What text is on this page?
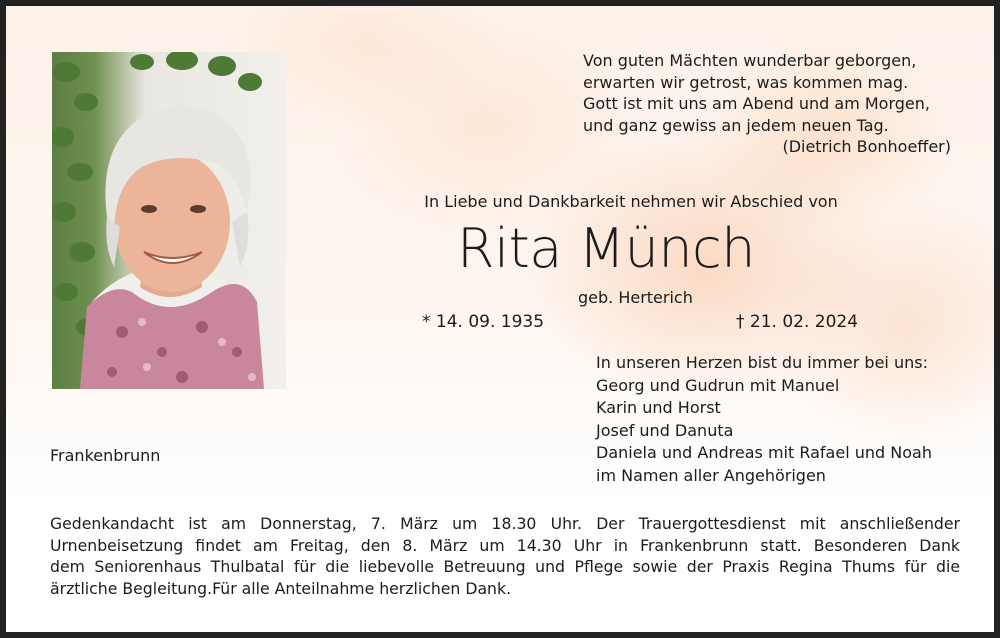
Von guten Mächten wunderbar geborgen,
erwarten wir getrost, was kommen mag.
Gott ist mit uns am Abend und am Morgen,
und ganz gewiss an jedem neuen Tag.
(Dietrich Bonhoeffer)
In Liebe und Dankbarkeit nehmen wir Abschied von
Rita Münch
geb. Herterich
* 14. 09. 1935	† 21. 02. 2024
In unseren Herzen bist du immer bei uns:
Georg und Gudrun mit Manuel
Karin und Horst
Josef und Danuta
Daniela und Andreas mit Rafael und Noah
im Namen aller Angehörigen
Frankenbrunn
Gedenkandacht ist am Donnerstag, 7. März um 18.30 Uhr. Der Trauergottesdienst mit anschließender
Urnenbeisetzung findet am Freitag, den 8. März um 14.30 Uhr in Frankenbrunn statt. Besonderen Dank
dem Seniorenhaus Thulbatal für die liebevolle Betreuung und Pflege sowie der Praxis Regina Thums für die
ärztliche Begleitung.Für alle Anteilnahme herzlichen Dank.
